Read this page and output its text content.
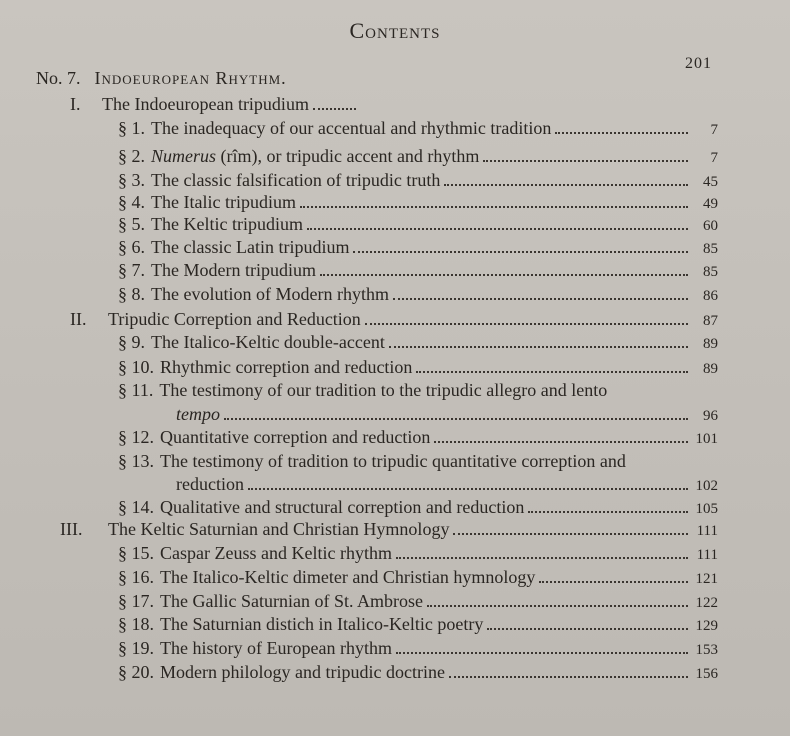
Contents
201
No. 7. Indoeuropean Rhythm.
I.	The Indoeuropean tripudium
§ 1. The inadequacy of our accentual and rhythmic tradition	7
§ 2. Numerus (rîm), or tripudic accent and rhythm	7
§ 3. The classic falsification of tripudic truth	45
§ 4. The Italic tripudium	49
§ 5. The Keltic tripudium	60
§ 6. The classic Latin tripudium	85
§ 7. The Modern tripudium	85
§ 8. The evolution of Modern rhythm	86
II.	Tripudic Correption and Reduction	87
§ 9. The Italico-Keltic double-accent	89
§ 10. Rhythmic correption and reduction	89
§ 11. The testimony of our tradition to the tripudic allegro and lento
tempo	96
§ 12. Quantitative correption and reduction	101
§ 13. The testimony of tradition to tripudic quantitative correption and
reduction	102
§ 14. Qualitative and structural correption and reduction	105
III.	The Keltic Saturnian and Christian Hymnology	111
§ 15. Caspar Zeuss and Keltic rhythm	111
§ 16. The Italico-Keltic dimeter and Christian hymnology	121
§ 17. The Gallic Saturnian of St. Ambrose	122
§ 18. The Saturnian distich in Italico-Keltic poetry	129
§ 19. The history of European rhythm	153
§ 20. Modern philology and tripudic doctrine	156
